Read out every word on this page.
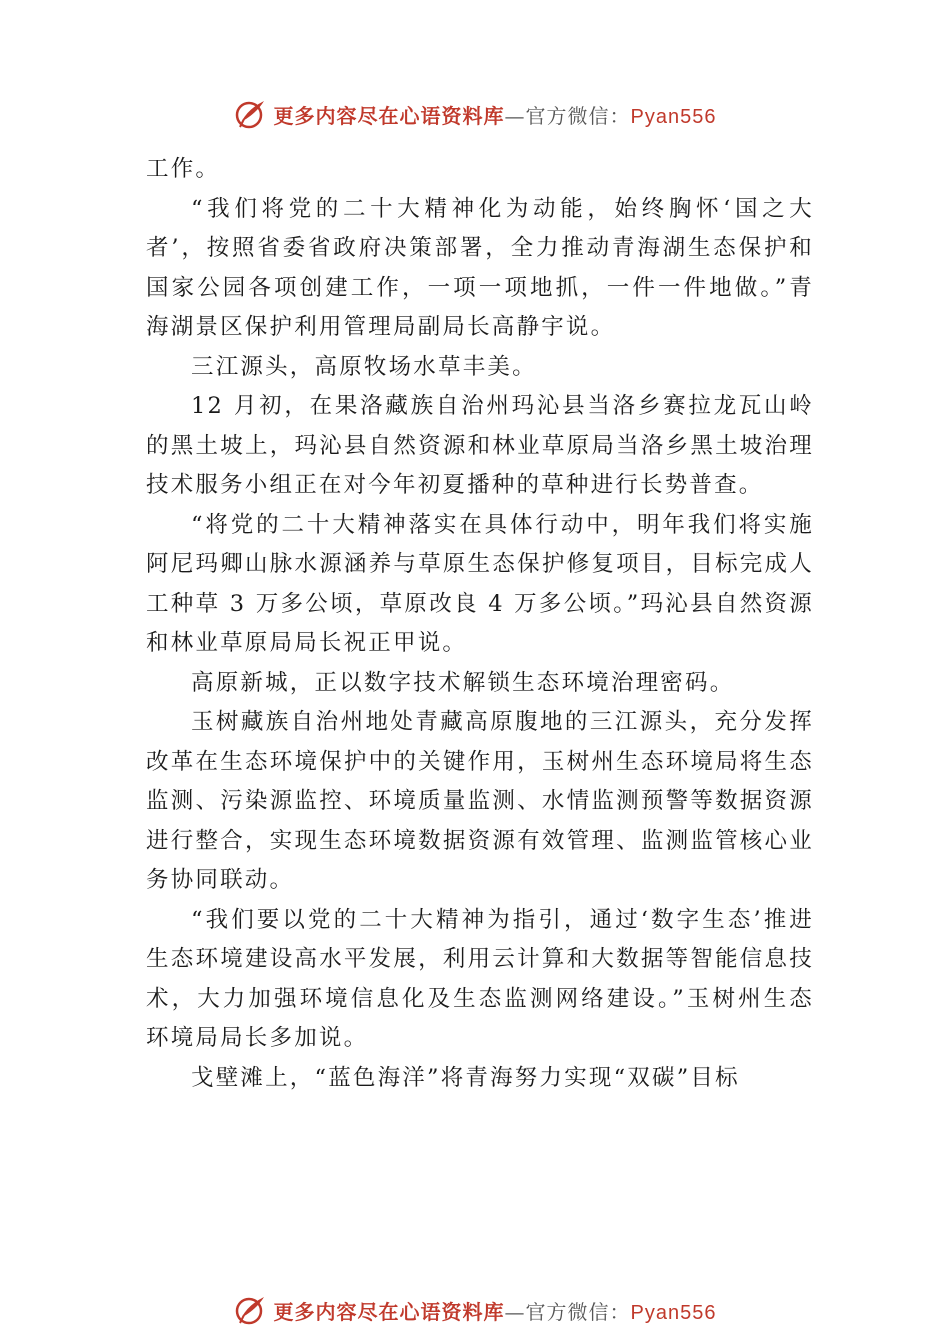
更多内容尽在心语资料库—官方微信：Pyan556

工作。

“我们将党的二十大精神化为动能，始终胸怀‘国之大者’，按照省委省政府决策部署，全力推动青海湖生态保护和国家公园各项创建工作，一项一项地抓，一件一件地做。”青海湖景区保护利用管理局副局长高静宇说。

三江源头，高原牧场水草丰美。

12 月初，在果洛藏族自治州玛沁县当洛乡赛拉龙瓦山岭的黑土坡上，玛沁县自然资源和林业草原局当洛乡黑土坡治理技术服务小组正在对今年初夏播种的草种进行长势普查。

“将党的二十大精神落实在具体行动中，明年我们将实施阿尼玛卿山脉水源涵养与草原生态保护修复项目，目标完成人工种草 3 万多公顷，草原改良 4 万多公顷。”玛沁县自然资源和林业草原局局长祝正甲说。

高原新城，正以数字技术解锁生态环境治理密码。

玉树藏族自治州地处青藏高原腹地的三江源头，充分发挥改革在生态环境保护中的关键作用，玉树州生态环境局将生态监测、污染源监控、环境质量监测、水情监测预警等数据资源进行整合，实现生态环境数据资源有效管理、监测监管核心业务协同联动。

“我们要以党的二十大精神为指引，通过‘数字生态’推进生态环境建设高水平发展，利用云计算和大数据等智能信息技术，大力加强环境信息化及生态监测网络建设。”玉树州生态环境局局长多加说。

戈壁滩上，“蓝色海洋”将青海努力实现“双碳”目标

更多内容尽在心语资料库—官方微信：Pyan556
